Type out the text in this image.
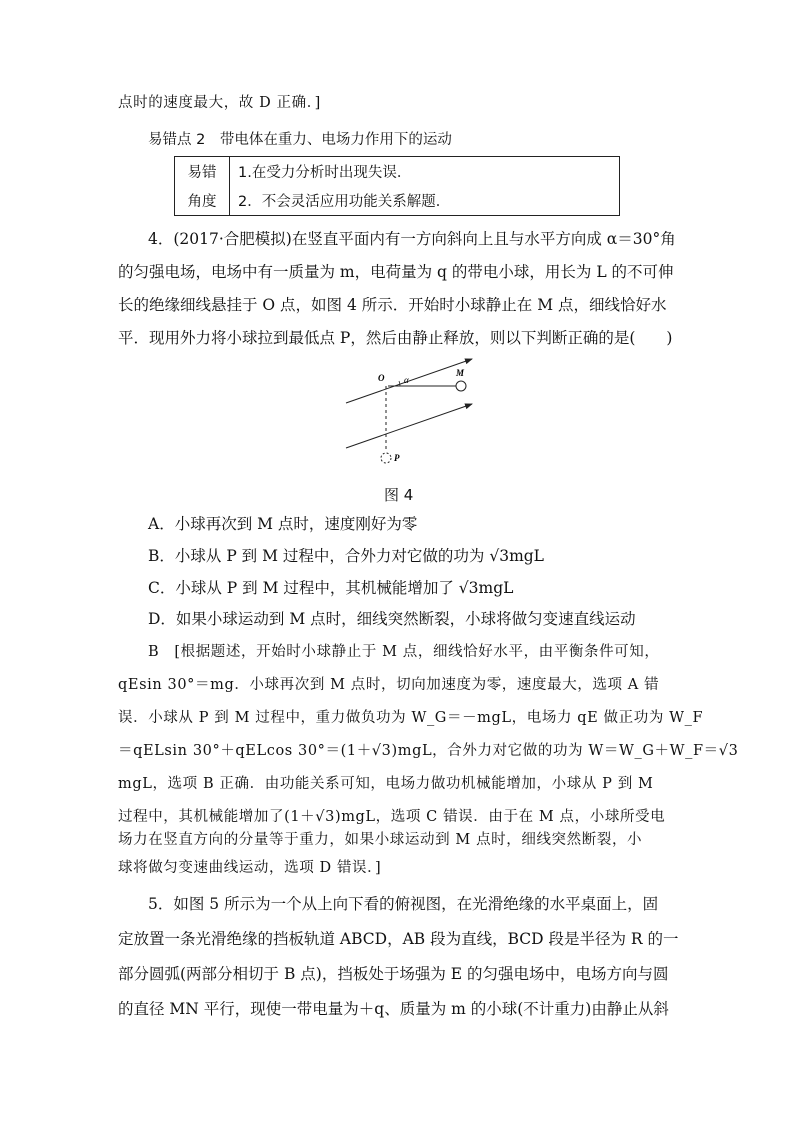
点时的速度最大，故 D 正确．]
易错点 2　带电体在重力、电场力作用下的运动
易错	1.在受力分析时出现失误．
角度	2．不会灵活应用功能关系解题．
4．(2017·合肥模拟)在竖直平面内有一方向斜向上且与水平方向成 α＝30°角
的匀强电场，电场中有一质量为 m，电荷量为 q 的带电小球，用长为 L 的不可伸
长的绝缘细线悬挂于 O 点，如图 4 所示．开始时小球静止在 M 点，细线恰好水
平．现用外力将小球拉到最低点 P，然后由静止释放，则以下判断正确的是(　　)
O α
M
P
图 4
A．小球再次到 M 点时，速度刚好为零
B．小球从 P 到 M 过程中，合外力对它做的功为 √3mgL
C．小球从 P 到 M 过程中，其机械能增加了 √3mgL
D．如果小球运动到 M 点时，细线突然断裂，小球将做匀变速直线运动
B　[根据题述，开始时小球静止于 M 点，细线恰好水平，由平衡条件可知，
qEsin 30°＝mg．小球再次到 M 点时，切向加速度为零，速度最大，选项 A 错
误．小球从 P 到 M 过程中，重力做负功为 W_G＝－mgL，电场力 qE 做正功为 W_F
＝qELsin 30°＋qELcos 30°＝(1＋√3)mgL，合外力对它做的功为 W＝W_G＋W_F＝√3
mgL，选项 B 正确．由功能关系可知，电场力做功机械能增加，小球从 P 到 M
过程中，其机械能增加了(1＋√3)mgL，选项 C 错误．由于在 M 点，小球所受电
场力在竖直方向的分量等于重力，如果小球运动到 M 点时，细线突然断裂，小
球将做匀变速曲线运动，选项 D 错误．]
5．如图 5 所示为一个从上向下看的俯视图，在光滑绝缘的水平桌面上，固
定放置一条光滑绝缘的挡板轨道 ABCD，AB 段为直线，BCD 段是半径为 R 的一
部分圆弧(两部分相切于 B 点)，挡板处于场强为 E 的匀强电场中，电场方向与圆
的直径 MN 平行，现使一带电量为＋q、质量为 m 的小球(不计重力)由静止从斜
